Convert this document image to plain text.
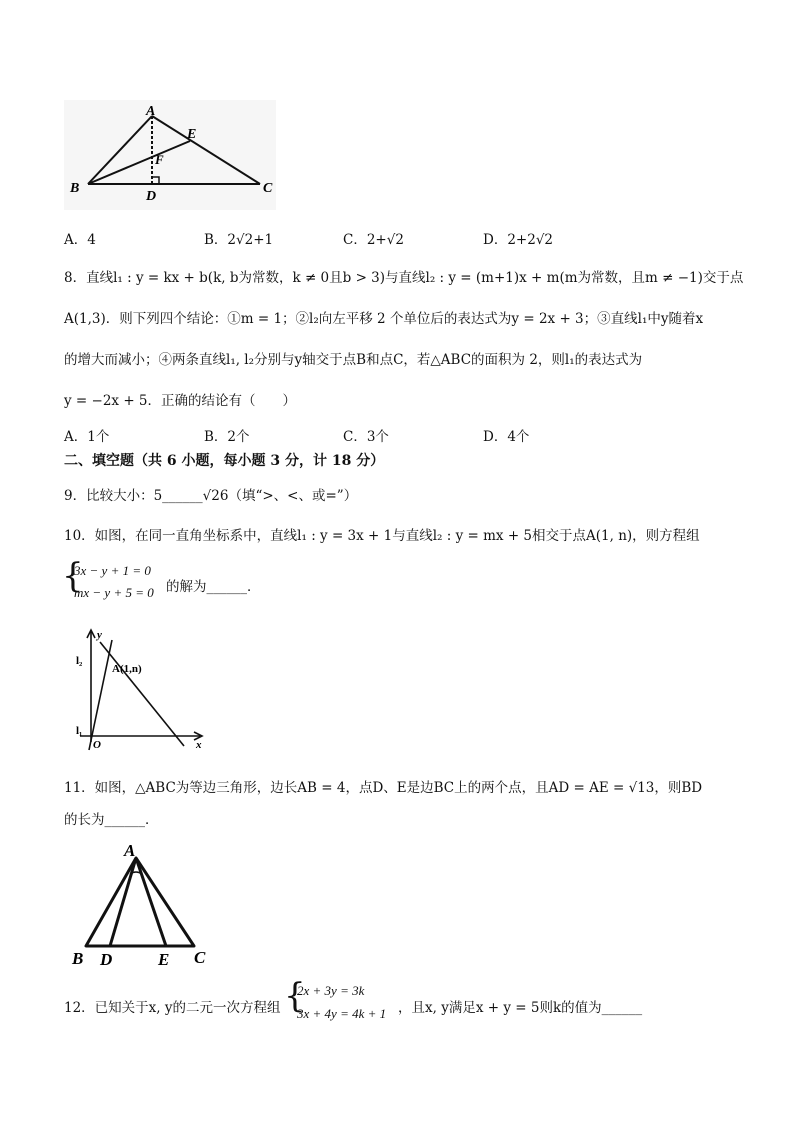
A
E
F
B
D
C
A．4	B．2√2+1	C．2+√2	D．2+2√2
8．直线l₁ : y = kx + b(k, b为常数，k ≠ 0且b > 3)与直线l₂ : y = (m+1)x + m(m为常数，且m ≠ −1)交于点
A(1,3)．则下列四个结论：①m = 1；②l₂向左平移 2 个单位后的表达式为y = 2x + 3；③直线l₁中y随着x
的增大而减小；④两条直线l₁, l₂分别与y轴交于点B和点C，若△ABC的面积为 2，则l₁的表达式为
y = −2x + 5．正确的结论有（　　）
A．1个	B．2个	C．3个	D．4个
二、填空题（共 6 小题，每小题 3 分，计 18 分）
9．比较大小：5______√26（填“>、<、或=”）
10．如图，在同一直角坐标系中，直线l₁ : y = 3x + 1与直线l₂ : y = mx + 5相交于点A(1, n)，则方程组
{
3x − y + 1 = 0
mx − y + 5 = 0 的解为______．
y
x
O
l₂
l₁
A(1,n)
11．如图，△ABC为等边三角形，边长AB = 4，点D、E是边BC上的两个点，且AD = AE = √13，则BD
的长为______．
A
B D	E C
12．已知关于x, y的二元一次方程组 {
2x + 3y = 3k
3x + 4y = 4k + 1 ，且x, y满足x + y = 5则k的值为______
